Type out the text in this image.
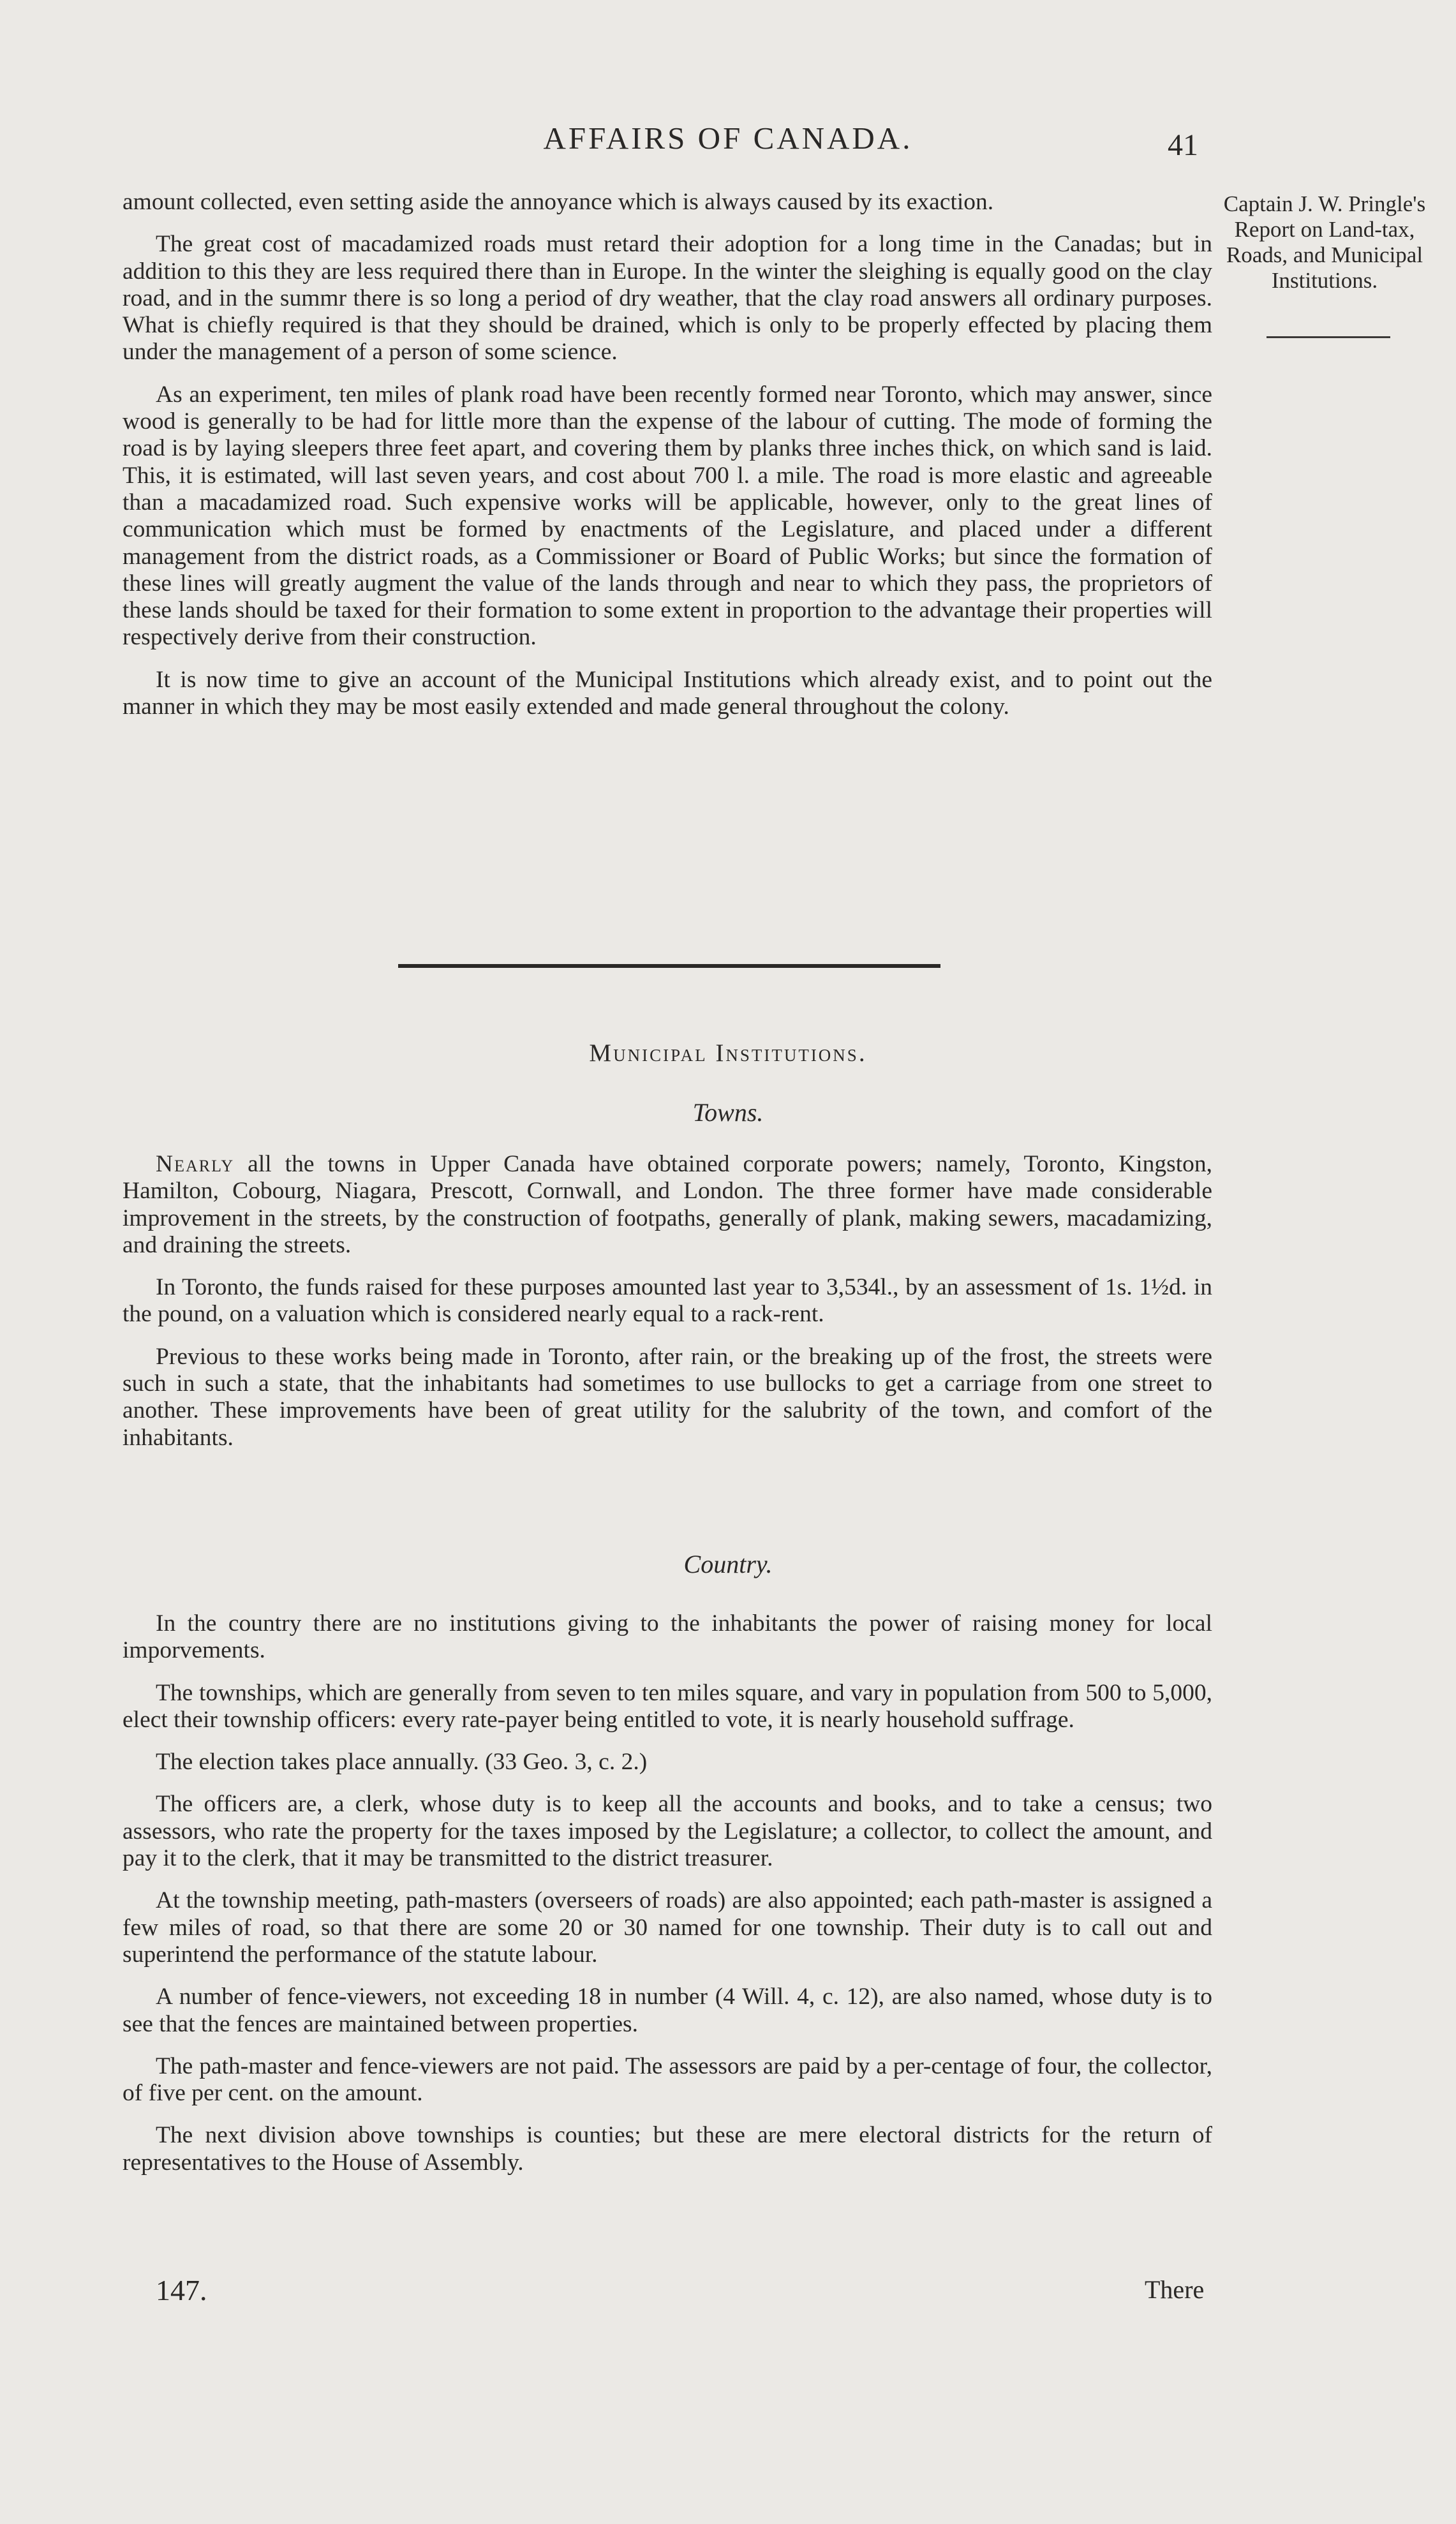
AFFAIRS OF CANADA.	41
Captain J. W. Pringle's Report on Land-tax, Roads, and Municipal Institutions.

amount collected, even setting aside the annoyance which is always caused by its exaction.

The great cost of macadamized roads must retard their adoption for a long time in the Canadas; but in addition to this they are less required there than in Europe. In the winter the sleighing is equally good on the clay road, and in the summr there is so long a period of dry weather, that the clay road answers all ordinary purposes. What is chiefly required is that they should be drained, which is only to be properly effected by placing them under the management of a person of some science.

As an experiment, ten miles of plank road have been recently formed near Toronto, which may answer, since wood is generally to be had for little more than the expense of the labour of cutting. The mode of forming the road is by laying sleepers three feet apart, and covering them by planks three inches thick, on which sand is laid. This, it is estimated, will last seven years, and cost about 700 l. a mile. The road is more elastic and agreeable than a macadamized road. Such expensive works will be applicable, however, only to the great lines of communication which must be formed by enactments of the Legislature, and placed under a different management from the district roads, as a Commissioner or Board of Public Works; but since the formation of these lines will greatly augment the value of the lands through and near to which they pass, the proprietors of these lands should be taxed for their formation to some extent in proportion to the advantage their properties will respectively derive from their construction.

It is now time to give an account of the Municipal Institutions which already exist, and to point out the manner in which they may be most easily extended and made general throughout the colony.

Municipal Institutions.
Towns.

Nearly all the towns in Upper Canada have obtained corporate powers; namely, Toronto, Kingston, Hamilton, Cobourg, Niagara, Prescott, Cornwall, and London. The three former have made considerable improvement in the streets, by the construction of footpaths, generally of plank, making sewers, macadamizing, and draining the streets.

In Toronto, the funds raised for these purposes amounted last year to 3,534l., by an assessment of 1s. 1½d. in the pound, on a valuation which is considered nearly equal to a rack-rent.

Previous to these works being made in Toronto, after rain, or the breaking up of the frost, the streets were such in such a state, that the inhabitants had sometimes to use bullocks to get a carriage from one street to another. These improvements have been of great utility for the salubrity of the town, and comfort of the inhabitants.

Country.

In the country there are no institutions giving to the inhabitants the power of raising money for local imporvements.

The townships, which are generally from seven to ten miles square, and vary in population from 500 to 5,000, elect their township officers: every rate-payer being entitled to vote, it is nearly household suffrage.

The election takes place annually. (33 Geo. 3, c. 2.)

The officers are, a clerk, whose duty is to keep all the accounts and books, and to take a census; two assessors, who rate the property for the taxes imposed by the Legislature; a collector, to collect the amount, and pay it to the clerk, that it may be transmitted to the district treasurer.

At the township meeting, path-masters (overseers of roads) are also appointed; each path-master is assigned a few miles of road, so that there are some 20 or 30 named for one township. Their duty is to call out and superintend the performance of the statute labour.

A number of fence-viewers, not exceeding 18 in number (4 Will. 4, c. 12), are also named, whose duty is to see that the fences are maintained between properties.

The path-master and fence-viewers are not paid. The assessors are paid by a per-centage of four, the collector, of five per cent. on the amount.

The next division above townships is counties; but these are mere electoral districts for the return of representatives to the House of Assembly.

147.	There
